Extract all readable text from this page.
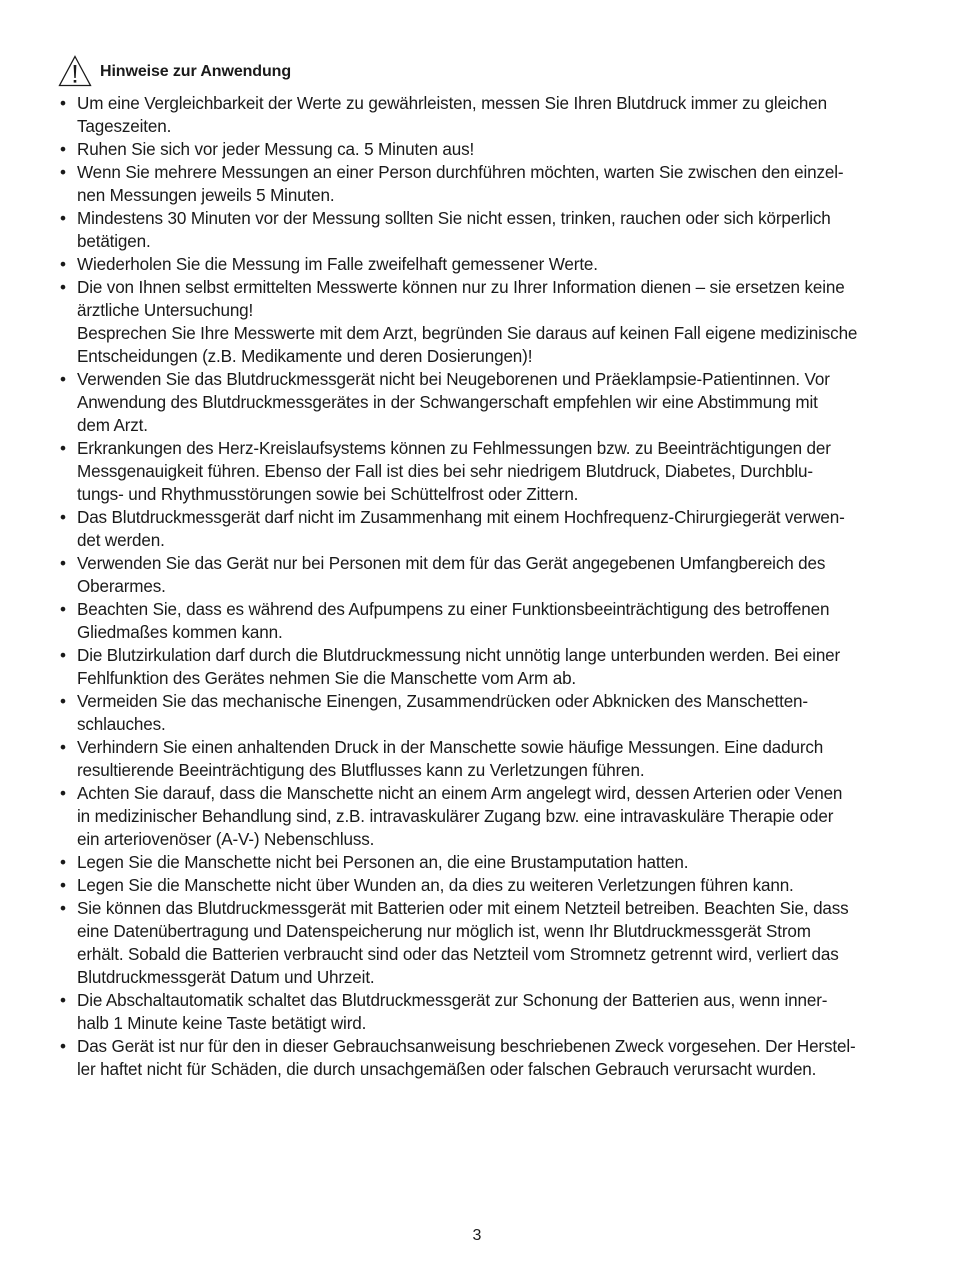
Hinweise zur Anwendung
• Um eine Vergleichbarkeit der Werte zu gewährleisten, messen Sie Ihren Blutdruck immer zu gleichen
Tageszeiten.
• Ruhen Sie sich vor jeder Messung ca. 5 Minuten aus!
• Wenn Sie mehrere Messungen an einer Person durchführen möchten, warten Sie zwischen den einzel-
nen Messungen jeweils 5 Minuten.
• Mindestens 30 Minuten vor der Messung sollten Sie nicht essen, trinken, rauchen oder sich körperlich
betätigen.
• Wiederholen Sie die Messung im Falle zweifelhaft gemessener Werte.
• Die von Ihnen selbst ermittelten Messwerte können nur zu Ihrer Information dienen – sie ersetzen keine
ärztliche Untersuchung!
Besprechen Sie Ihre Messwerte mit dem Arzt, begründen Sie daraus auf keinen Fall eigene medizinische
Entscheidungen (z.B. Medikamente und deren Dosierungen)!
• Verwenden Sie das Blutdruckmessgerät nicht bei Neugeborenen und Präeklampsie-Patientinnen. Vor
Anwendung des Blutdruckmessgerätes in der Schwangerschaft empfehlen wir eine Abstimmung mit
dem Arzt.
• Erkrankungen des Herz-Kreislaufsystems können zu Fehlmessungen bzw. zu Beeinträchtigungen der
Messgenauigkeit führen. Ebenso der Fall ist dies bei sehr niedrigem Blutdruck, Diabetes, Durchblu-
tungs- und Rhythmusstörungen sowie bei Schüttelfrost oder Zittern.
• Das Blutdruckmessgerät darf nicht im Zusammenhang mit einem Hochfrequenz-Chirurgiegerät verwen-
det werden.
• Verwenden Sie das Gerät nur bei Personen mit dem für das Gerät angegebenen Umfangbereich des
Oberarmes.
• Beachten Sie, dass es während des Aufpumpens zu einer Funktionsbeeinträchtigung des betroffenen
Gliedmaßes kommen kann.
• Die Blutzirkulation darf durch die Blutdruckmessung nicht unnötig lange unterbunden werden. Bei einer
Fehlfunktion des Gerätes nehmen Sie die Manschette vom Arm ab.
• Vermeiden Sie das mechanische Einengen, Zusammendrücken oder Abknicken des Manschetten-
schlauches.
• Verhindern Sie einen anhaltenden Druck in der Manschette sowie häufige Messungen. Eine dadurch
resultierende Beeinträchtigung des Blutflusses kann zu Verletzungen führen.
• Achten Sie darauf, dass die Manschette nicht an einem Arm angelegt wird, dessen Arterien oder Venen
in medizinischer Behandlung sind, z.B. intravaskulärer Zugang bzw. eine intravaskuläre Therapie oder
ein arteriovenöser (A-V-) Nebenschluss.
• Legen Sie die Manschette nicht bei Personen an, die eine Brustamputation hatten.
• Legen Sie die Manschette nicht über Wunden an, da dies zu weiteren Verletzungen führen kann.
• Sie können das Blutdruckmessgerät mit Batterien oder mit einem Netzteil betreiben. Beachten Sie, dass
eine Datenübertragung und Datenspeicherung nur möglich ist, wenn Ihr Blutdruckmessgerät Strom
erhält. Sobald die Batterien verbraucht sind oder das Netzteil vom Stromnetz getrennt wird, verliert das
Blutdruckmessgerät Datum und Uhrzeit.
• Die Abschaltautomatik schaltet das Blutdruckmessgerät zur Schonung der Batterien aus, wenn inner-
halb 1 Minute keine Taste betätigt wird.
• Das Gerät ist nur für den in dieser Gebrauchsanweisung beschriebenen Zweck vorgesehen. Der Herstel-
ler haftet nicht für Schäden, die durch unsachgemäßen oder falschen Gebrauch verursacht wurden.
3
